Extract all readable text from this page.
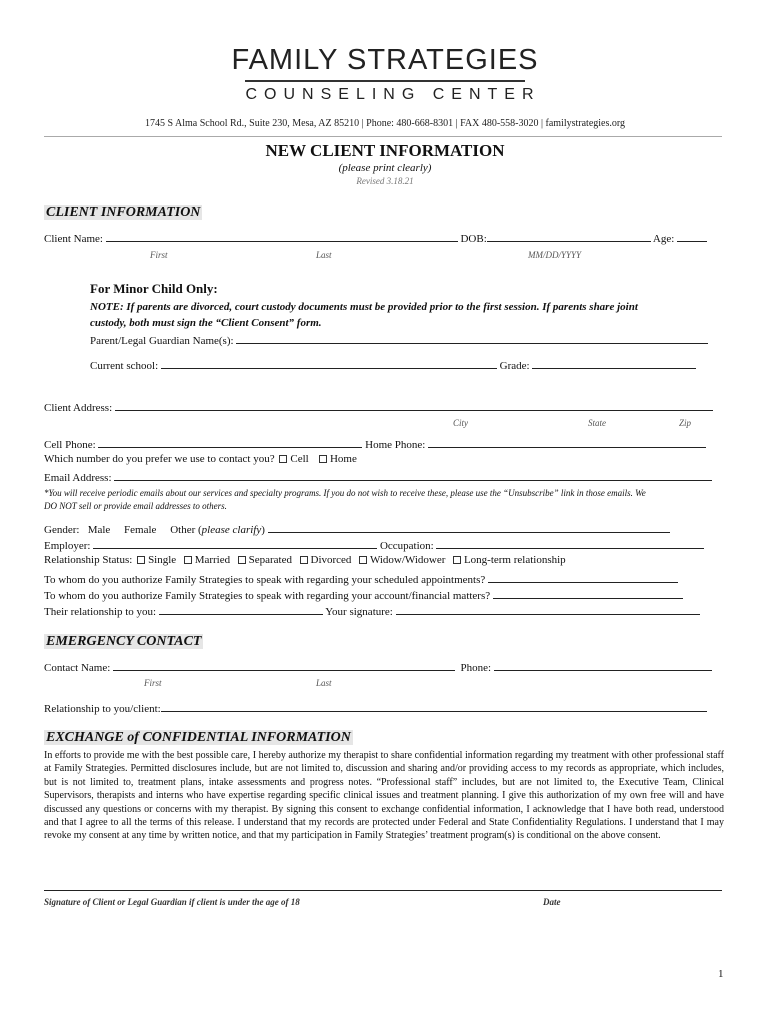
FAMILY STRATEGIES
COUNSELING CENTER
1745 S Alma School Rd., Suite 230, Mesa, AZ 85210 | Phone: 480-668-8301 | FAX 480-558-3020 | familystrategies.org
NEW CLIENT INFORMATION
(please print clearly)
Revised 3.18.21
CLIENT INFORMATION
Client Name:	DOB:	Age:
First	Last	MM/DD/YYYY
For Minor Child Only:
NOTE: If parents are divorced, court custody documents must be provided prior to the first session. If parents share joint
custody, both must sign the “Client Consent” form.
Parent/Legal Guardian Name(s):
Current school:	Grade:
Client Address:
City	State	Zip
Cell Phone:	Home Phone:
Which number do you prefer we use to contact you? Cell Home
Email Address:
*You will receive periodic emails about our services and specialty programs. If you do not wish to receive these, please use the “Unsubscribe” link in those emails. We
DO NOT sell or provide email addresses to others.
Gender: Male Female Other (please clarify)
Employer:	Occupation:
Relationship Status: Single Married Separated Divorced Widow/Widower Long-term relationship
To whom do you authorize Family Strategies to speak with regarding your scheduled appointments?
To whom do you authorize Family Strategies to speak with regarding your account/financial matters?
Their relationship to you:	Your signature:
EMERGENCY CONTACT
Contact Name:	Phone:
First	Last
Relationship to you/client:
EXCHANGE of CONFIDENTIAL INFORMATION
In efforts to provide me with the best possible care, I hereby authorize my therapist to share confidential information regarding my treatment with other professional staff at Family Strategies. Permitted disclosures include, but are not limited to, discussion and sharing and/or providing access to my records as appropriate, which includes, but is not limited to, treatment plans, intake assessments and progress notes. “Professional staff” includes, but are not limited to, the Executive Team, Clinical Supervisors, therapists and interns who have expertise regarding specific clinical issues and treatment planning. I give this authorization of my own free will and have discussed any questions or concerns with my therapist. By signing this consent to exchange confidential information, I acknowledge that I have both read, understood and that I agree to all the terms of this release. I understand that my records are protected under Federal and State Confidentiality Regulations. I understand that I may revoke my consent at any time by written notice, and that my participation in Family Strategies’ treatment program(s) is conditional on the above consent.
Signature of Client or Legal Guardian if client is under the age of 18	Date
1
